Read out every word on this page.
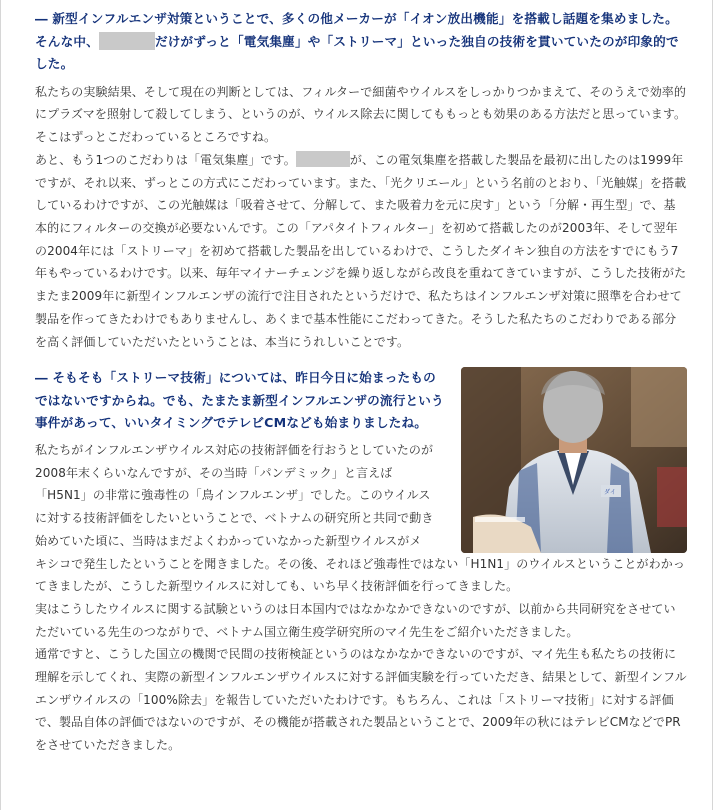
― 新型インフルエンザ対策ということで、多くの他メーカーが「イオン放出機能」を搭載し話題を集めました。そんな中、	だけがずっと「電気集塵」や「ストリーマ」といった独自の技術を貫いていたのが印象的でした。

私たちの実験結果、そして現在の判断としては、フィルターで細菌やウイルスをしっかりつかまえて、そのうえで効率的にプラズマを照射して殺してしまう、というのが、ウイルス除去に関してももっとも効果のある方法だと思っています。そこはずっとこだわっているところですね。

あと、もう1つのこだわりは「電気集塵」です。	が、この電気集塵を搭載した製品を最初に出したのは1999年ですが、それ以来、ずっとこの方式にこだわっています。また、「光クリエール」という名前のとおり、「光触媒」を搭載しているわけですが、この光触媒は「吸着させて、分解して、また吸着力を元に戻す」という「分解・再生型」で、基本的にフィルターの交換が必要ないんです。この「アパタイトフィルター」を初めて搭載したのが2003年、そして翌年の2004年には「ストリーマ」を初めて搭載した製品を出しているわけで、こうしたダイキン独自の方法をすでにもう7年もやっているわけです。以来、毎年マイナーチェンジを繰り返しながら改良を重ねてきていますが、こうした技術がたまたま2009年に新型インフルエンザの流行で注目されたというだけで、私たちはインフルエンザ対策に照準を合わせて製品を作ってきたわけでもありませんし、あくまで基本性能にこだわってきた。そうした私たちのこだわりである部分を高く評価していただいたということは、本当にうれしいことです。

ダイ

― そもそも「ストリーマ技術」については、昨日今日に始まったものではないですからね。でも、たまたま新型インフルエンザの流行という事件があって、いいタイミングでテレビCMなども始まりましたね。

私たちがインフルエンザウイルス対応の技術評価を行おうとしていたのが2008年末くらいなんですが、その当時「パンデミック」と言えば「H5N1」の非常に強毒性の「鳥インフルエンザ」でした。このウイルスに対する技術評価をしたいということで、ベトナムの研究所と共同で動き始めていた頃に、当時はまだよくわかっていなかった新型ウイルスがメ

キシコで発生したということを聞きました。その後、それほど強毒性ではない「H1N1」のウイルスということがわかってきましたが、こうした新型ウイルスに対しても、いち早く技術評価を行ってきました。

実はこうしたウイルスに関する試験というのは日本国内ではなかなかできないのですが、以前から共同研究をさせていただいている先生のつながりで、ベトナム国立衛生疫学研究所のマイ先生をご紹介いただきました。

通常ですと、こうした国立の機関で民間の技術検証というのはなかなかできないのですが、マイ先生も私たちの技術に理解を示してくれ、実際の新型インフルエンザウイルスに対する評価実験を行っていただき、結果として、新型インフルエンザウイルスの「100%除去」を報告していただいたわけです。もちろん、これは「ストリーマ技術」に対する評価で、製品自体の評価ではないのですが、その機能が搭載された製品ということで、2009年の秋にはテレビCMなどでPRをさせていただきました。
